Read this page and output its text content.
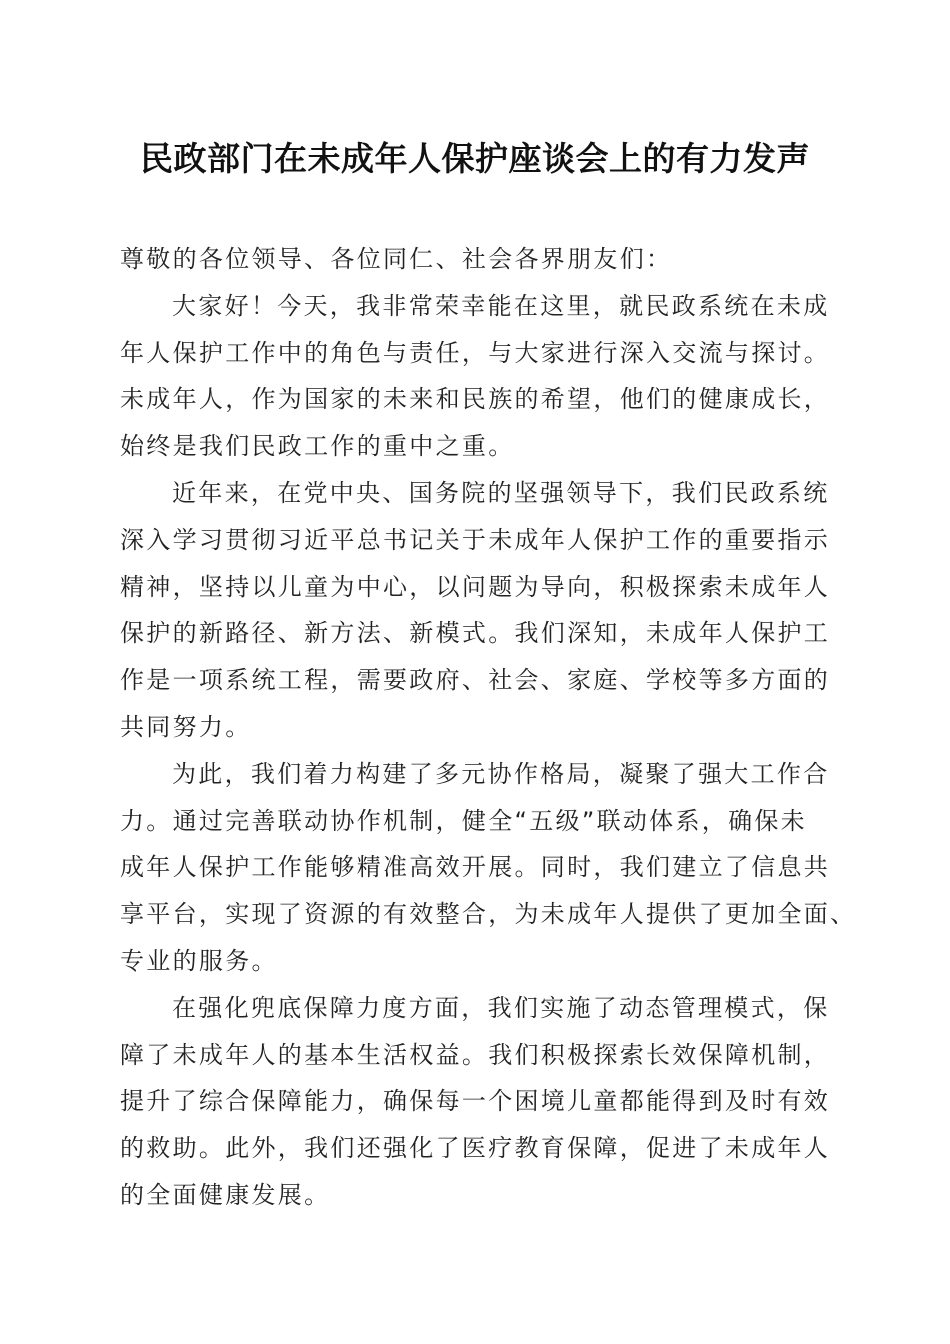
民政部门在未成年人保护座谈会上的有力发声
尊敬的各位领导、各位同仁、社会各界朋友们：
大家好！今天，我非常荣幸能在这里，就民政系统在未成
年人保护工作中的角色与责任，与大家进行深入交流与探讨。
未成年人，作为国家的未来和民族的希望，他们的健康成长，
始终是我们民政工作的重中之重。
近年来，在党中央、国务院的坚强领导下，我们民政系统
深入学习贯彻习近平总书记关于未成年人保护工作的重要指示
精神，坚持以儿童为中心，以问题为导向，积极探索未成年人
保护的新路径、新方法、新模式。我们深知，未成年人保护工
作是一项系统工程，需要政府、社会、家庭、学校等多方面的
共同努力。
为此，我们着力构建了多元协作格局，凝聚了强大工作合
力。通过完善联动协作机制，健全“五级”联动体系，确保未
成年人保护工作能够精准高效开展。同时，我们建立了信息共
享平台，实现了资源的有效整合，为未成年人提供了更加全面、
专业的服务。
在强化兜底保障力度方面，我们实施了动态管理模式，保
障了未成年人的基本生活权益。我们积极探索长效保障机制，
提升了综合保障能力，确保每一个困境儿童都能得到及时有效
的救助。此外，我们还强化了医疗教育保障，促进了未成年人
的全面健康发展。
